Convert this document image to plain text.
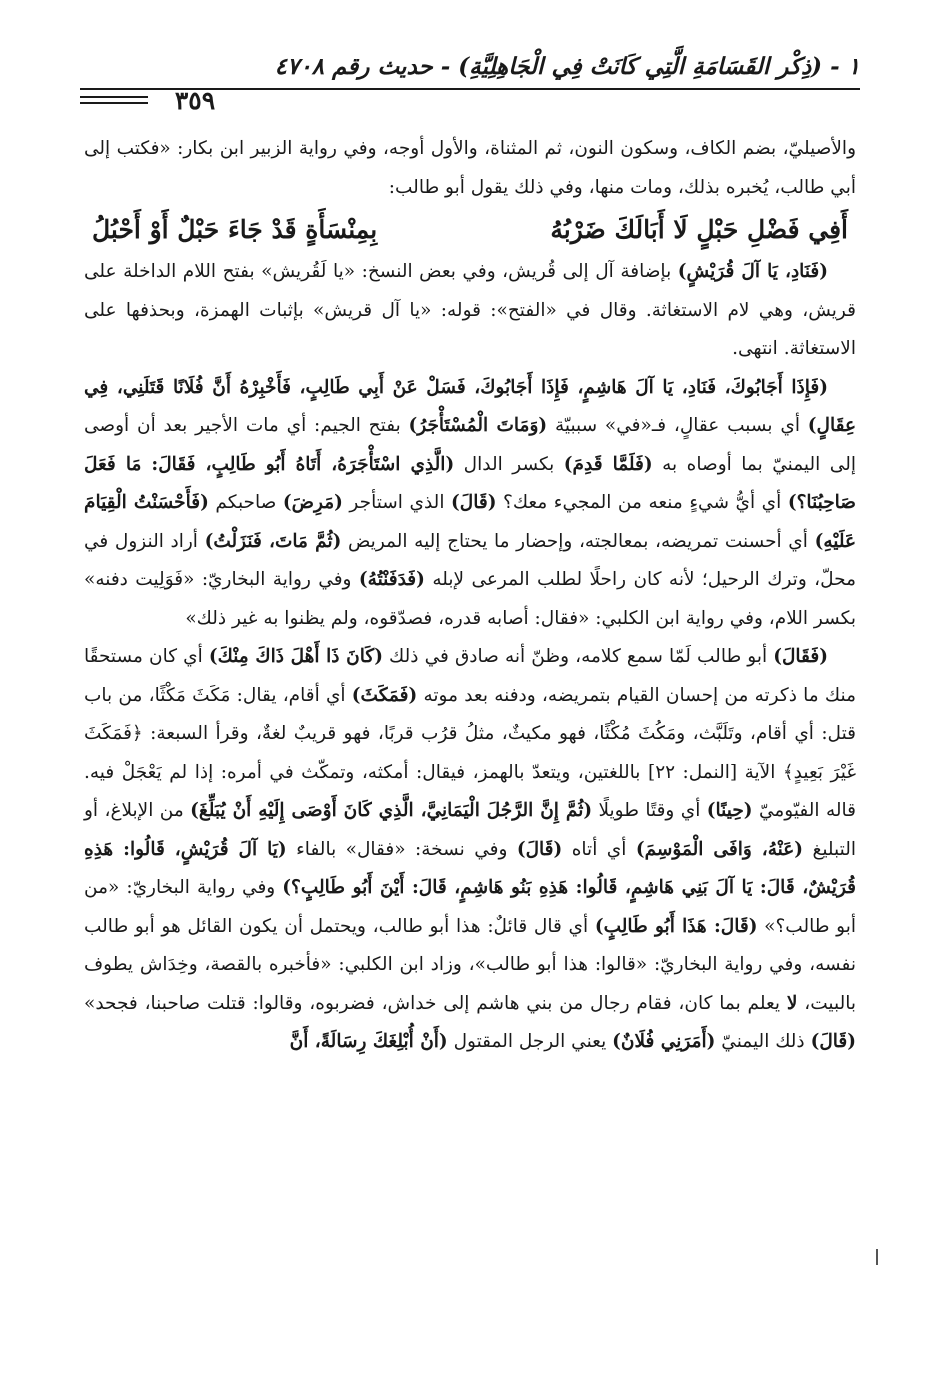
١ - (ذِكْر القَسَامَةِ الَّتِي كَانَتْ فِي الْجَاهِلِيَّةِ) - حديث رقم ٤٧٠٨
٣٥٩

والأصيليّ، بضم الكاف، وسكون النون، ثم المثناة، والأول أوجه، وفي رواية الزبير ابن بكار: «فكتب إلى أبي طالب، يُخبره بذلك، ومات منها، وفي ذلك يقول أبو طالب:

أَفِي فَضْلِ حَبْلٍ لَا أَبَالَكَ ضَرْبُهُ
بِمِنْسَأَةٍ قَدْ جَاءَ حَبْلٌ أَوْ أَحْبُلُ

(فَنَادِ، يَا آلَ قُرَيْشٍ) بإضافة آل إلى قُريش، وفي بعض النسخ: «يا لَقُريش» بفتح اللام الداخلة على قريش، وهي لام الاستغاثة. وقال في «الفتح»: قوله: «يا آل قريش» بإثبات الهمزة، وبحذفها على الاستغاثة. انتهى.

(فَإِذَا أَجَابُوكَ، فَنَادِ، يَا آلَ هَاشِمٍ، فَإِذَا أَجَابُوكَ، فَسَلْ عَنْ أَبِي طَالِبٍ، فَأَخْبِرْهُ أَنَّ فُلَانًا قَتَلَنِي، فِي عِقَالٍ) أي بسبب عقالٍ، فـ«في» سببيّة (وَمَاتَ الْمُسْتَأْجَرُ) بفتح الجيم: أي مات الأجير بعد أن أوصى إلى اليمنيّ بما أوصاه به (فَلَمَّا قَدِمَ) بكسر الدال (الَّذِي اسْتَأْجَرَهُ، أَتَاهُ أَبُو طَالِبٍ، فَقَالَ: مَا فَعَلَ صَاحِبُنَا؟) أي أيُّ شيءٍ منعه من المجيء معك؟ (قَالَ) الذي استأجر (مَرِضَ) صاحبكم (فَأَحْسَنْتُ الْقِيَامَ عَلَيْهِ) أي أحسنت تمريضه، بمعالجته، وإحضار ما يحتاج إليه المريض (ثُمَّ مَاتَ، فَنَزَلْتُ) أراد النزول في محلّ، وترك الرحيل؛ لأنه كان راحلًا لطلب المرعى لإبله (فَدَفَنْتُهُ) وفي رواية البخاريّ: «فَوَلِيت دفنه» بكسر اللام، وفي رواية ابن الكلبي: «فقال: أصابه قدره، فصدّقوه، ولم يظنوا به غير ذلك»

(فَقَالَ) أبو طالب لَمّا سمع كلامه، وظنّ أنه صادق في ذلك (كَانَ ذَا أَهْلَ ذَاكَ مِنْكَ) أي كان مستحقًا منك ما ذكرته من إحسان القيام بتمريضه، ودفنه بعد موته (فَمَكَثَ) أي أقام، يقال: مَكَثَ مَكْثًا، من باب قتل: أي أقام، وتَلَبَّث، ومَكُثَ مُكْثًا، فهو مكيثٌ، مثلُ قرُب قربًا، فهو قريبٌ لغةٌ، وقرأ السبعة: ﴿فَمَكَثَ غَيْرَ بَعِيدٍ﴾ الآية [النمل: ٢٢] باللغتين، ويتعدّ بالهمز، فيقال: أمكثه، وتمكّث في أمره: إذا لم يَعْجَلْ فيه. قاله الفيّوميّ (حِينًا) أي وقتًا طويلًا (ثُمَّ إِنَّ الرَّجُلَ الْيَمَانِيَّ، الَّذِي كَانَ أَوْصَى إِلَيْهِ أَنْ يُبَلِّغَ) من الإبلاغ، أو التبليغ (عَنْهُ، وَافَى الْمَوْسِمَ) أي أتاه (قَالَ) وفي نسخة: «فقال» بالفاء (يَا آلَ قُرَيْشٍ، قَالُوا: هَذِهِ قُرَيْشٌ، قَالَ: يَا آلَ بَنِي هَاشِمٍ، قَالُوا: هَذِهِ بَنُو هَاشِمٍ، قَالَ: أَيْنَ أَبُو طَالِبٍ؟) وفي رواية البخاريّ: «من أبو طالب؟» (قَالَ: هَذَا أَبُو طَالِبٍ) أي قال قائلٌ: هذا أبو طالب، ويحتمل أن يكون القائل هو أبو طالب نفسه، وفي رواية البخاريّ: «قالوا: هذا أبو طالب»، وزاد ابن الكلبي: «فأخبره بالقصة، وخِدَاش يطوف بالبيت، لا يعلم بما كان، فقام رجال من بني هاشم إلى خداش، فضربوه، وقالوا: قتلت صاحبنا، فجحد» (قَالَ) ذلك اليمنيّ (أَمَرَنِي فُلَانٌ) يعني الرجل المقتول (أَنْ أُبْلِغَكَ رِسَالَةً، أَنَّ
